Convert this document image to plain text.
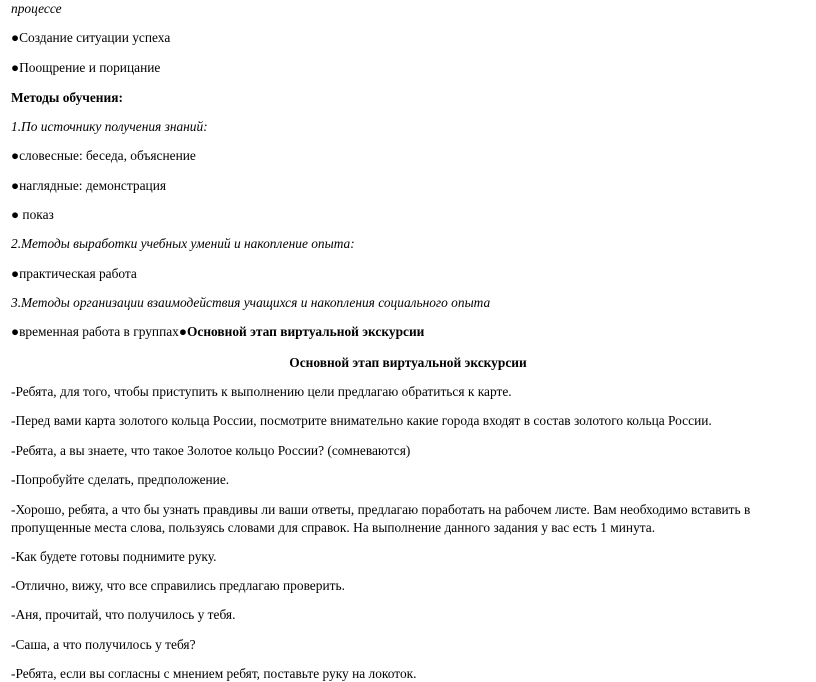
процессе
●Создание ситуации успеха
●Поощрение и порицание
Методы обучения:
1.По источнику получения знаний:
●словесные: беседа, объяснение
●наглядные: демонстрация
● показ
2.Методы выработки учебных умений и накопление опыта:
●практическая работа
3.Методы организации взаимодействия учащихся и накопления социального опыта
●временная работа в группах●Основной этап виртуальной экскурсии
Основной этап виртуальной экскурсии
-Ребята, для того, чтобы приступить к выполнению цели предлагаю обратиться к карте.
-Перед вами карта золотого кольца России, посмотрите внимательно какие города входят в состав золотого кольца России.
-Ребята, а вы знаете, что такое Золотое кольцо России? (сомневаются)
-Попробуйте сделать, предположение.
-Хорошо, ребята, а что бы узнать правдивы ли ваши ответы, предлагаю поработать на рабочем листе. Вам необходимо вставить в
пропущенные места слова, пользуясь словами для справок. На выполнение данного задания у вас есть 1 минута.
-Как будете готовы поднимите руку.
-Отлично, вижу, что все справились предлагаю проверить.
-Аня, прочитай, что получилось у тебя.
-Саша, а что получилось у тебя?
-Ребята, если вы согласны с мнением ребят, поставьте руку на локоток.
